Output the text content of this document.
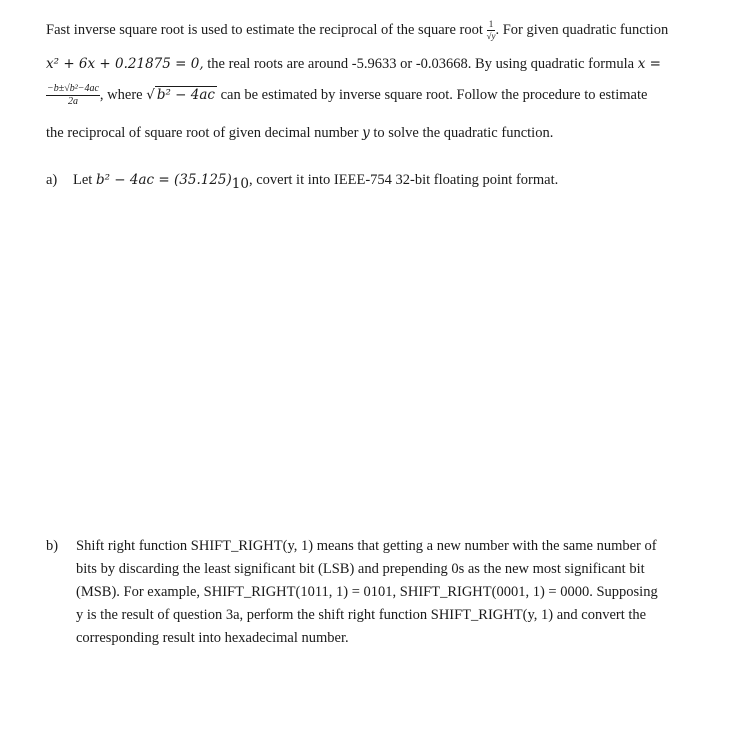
Fast inverse square root is used to estimate the reciprocal of the square root $\frac{1}{√y}$ . For given quadratic function
x² + 6x + 0.21875 = 0, the real roots are around -5.9633 or -0.03668. By using quadratic formula x =
$\frac{\text{−b±√b²−4ac}}{2a}$ , where √ b² − 4ac can be estimated by inverse square root. Follow the procedure to estimate
the reciprocal of square root of given decimal number y to solve the quadratic function.
a) Let $b^2 - 4ac = (35.125)_{10}$, covert it into IEEE-754 32-bit floating point format.
b) Shift right function SHIFT_RIGHT(y, 1) means that getting a new number with the same number of
bits by discarding the least significant bit (LSB) and prepending 0s as the new most significant bit
(MSB). For example, SHIFT_RIGHT(1011, 1) = 0101, SHIFT_RIGHT(0001, 1) = 0000. Supposing
y is the result of question 3a, perform the shift right function SHIFT_RIGHT(y, 1) and convert the
corresponding result into hexadecimal number.
